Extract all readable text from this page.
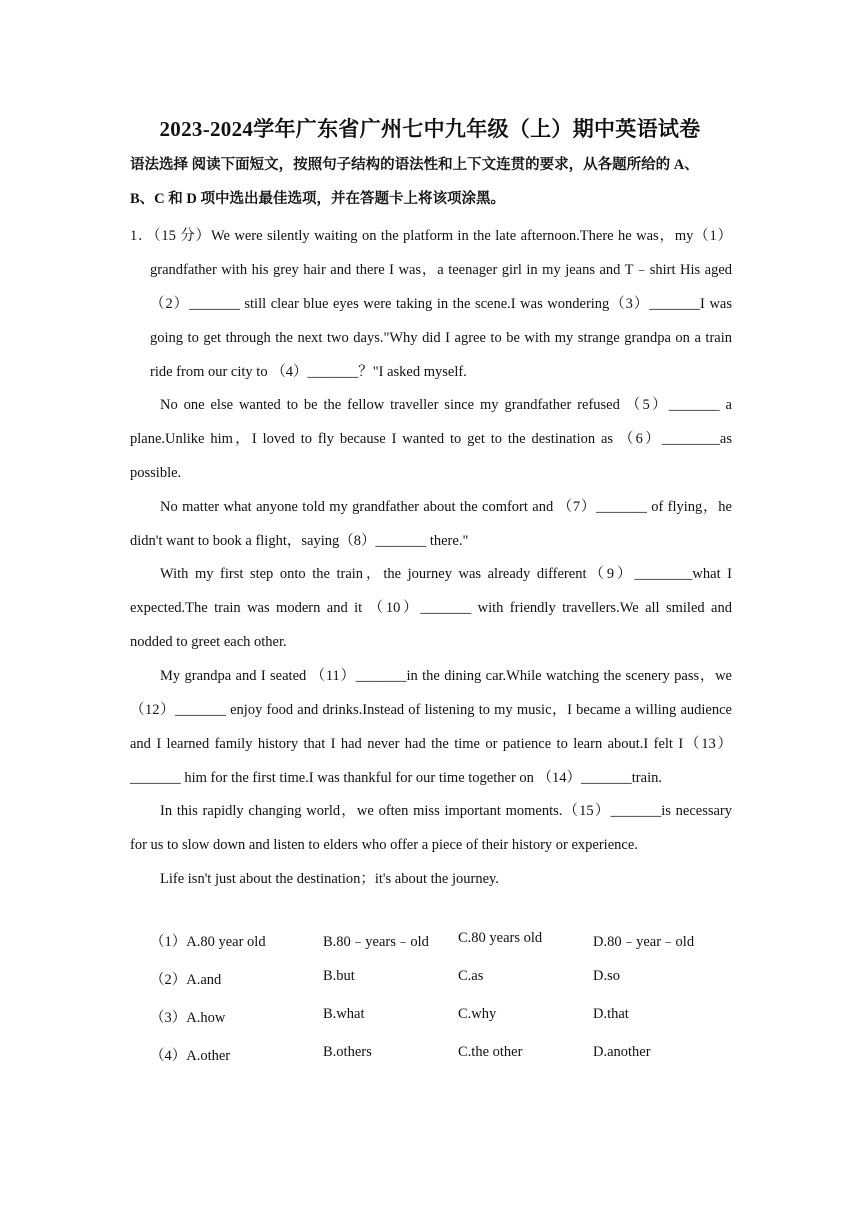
2023-2024学年广东省广州七中九年级（上）期中英语试卷
语法选择 阅读下面短文，按照句子结构的语法性和上下文连贯的要求，从各题所给的 A、
B、C 和 D 项中选出最佳选项，并在答题卡上将该项涂黑。
1．（15 分）We were silently waiting on the platform in the late afternoon.There he was，my（1）grandfather with his grey hair and there I was，a teenager girl in my jeans and T﹣shirt His aged （2）_______ still clear blue eyes were taking in the scene.I was wondering（3）_______I was going to get through the next two days."Why did I agree to be with my strange grandpa on a train ride from our city to （4）_______？"I asked myself.
No one else wanted to be the fellow traveller since my grandfather refused （5）_______ a plane.Unlike him，I loved to fly because I wanted to get to the destination as （6）________as possible.
No matter what anyone told my grandfather about the comfort and （7）_______ of flying，he didn't want to book a flight，saying（8）_______ there."
With my first step onto the train，the journey was already different（9）________what I expected.The train was modern and it （10）_______ with friendly travellers.We all smiled and nodded to greet each other.
My grandpa and I seated （11）_______in the dining car.While watching the scenery pass，we （12）_______ enjoy food and drinks.Instead of listening to my music，I became a willing audience and I learned family history that I had never had the time or patience to learn about.I felt I（13）_______ him for the first time.I was thankful for our time together on （14）_______train.
In this rapidly changing world，we often miss important moments.（15）_______is necessary for us to slow down and listen to elders who offer a piece of their history or experience.
Life isn't just about the destination；it's about the journey.
（1）A.80 year old	B.80﹣years﹣old C.80 years old	D.80﹣year﹣old
（2）A.and	B.but	C.as	D.so
（3）A.how	B.what	C.why	D.that
（4）A.other	B.others	C.the other	D.another
